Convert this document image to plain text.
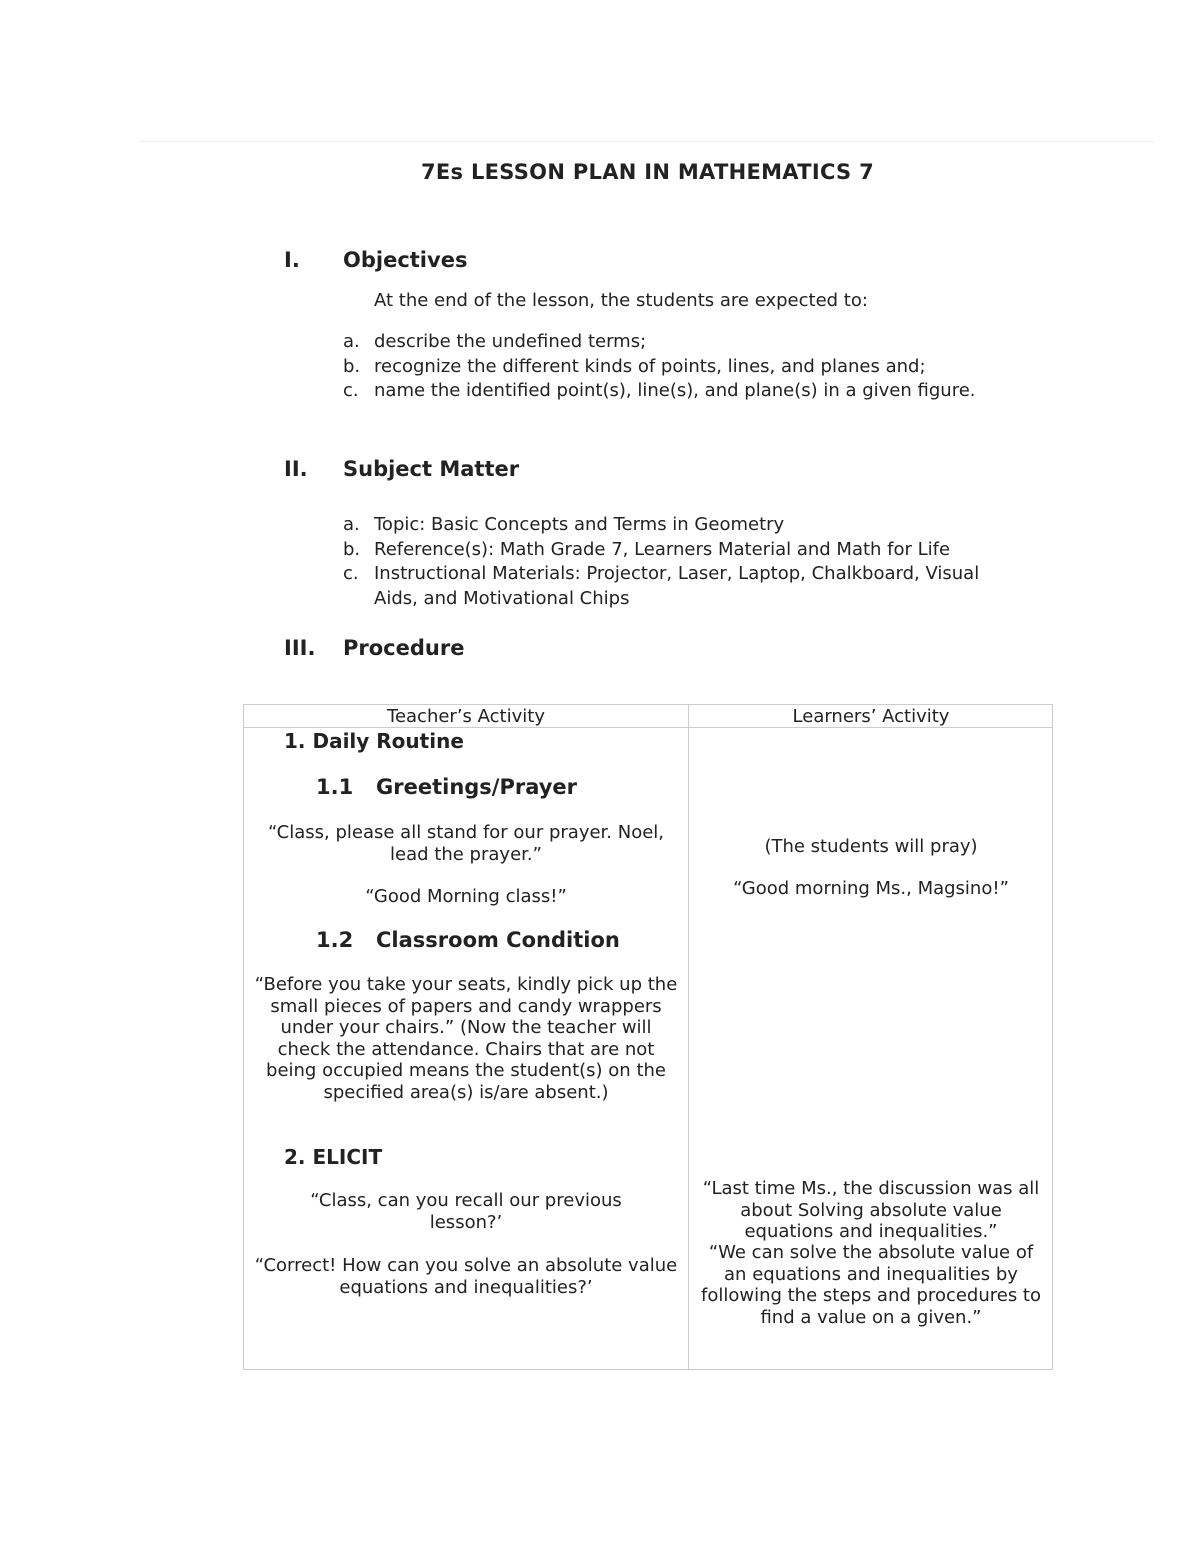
7Es LESSON PLAN IN MATHEMATICS 7
I. Objectives
At the end of the lesson, the students are expected to:
a. describe the undefined terms;
b. recognize the different kinds of points, lines, and planes and;
c. name the identified point(s), line(s), and plane(s) in a given figure.
II. Subject Matter
a. Topic: Basic Concepts and Terms in Geometry
b. Reference(s): Math Grade 7, Learners Material and Math for Life
c. Instructional Materials: Projector, Laser, Laptop, Chalkboard, Visual Aids, and Motivational Chips
III. Procedure
Teacher’s Activity	Learners’ Activity
1. Daily Routine
1.1 Greetings/Prayer
“Class, please all stand for our prayer. Noel, lead the prayer.”
“Good Morning class!”
1.2 Classroom Condition
“Before you take your seats, kindly pick up the small pieces of papers and candy wrappers under your chairs.” (Now the teacher will check the attendance. Chairs that are not being occupied means the student(s) on the specified area(s) is/are absent.)
2. ELICIT
“Class, can you recall our previous lesson?’
“Correct! How can you solve an absolute value equations and inequalities?’
(The students will pray)
“Good morning Ms., Magsino!”
“Last time Ms., the discussion was all about Solving absolute value equations and inequalities.”
“We can solve the absolute value of an equations and inequalities by following the steps and procedures to find a value on a given.”
